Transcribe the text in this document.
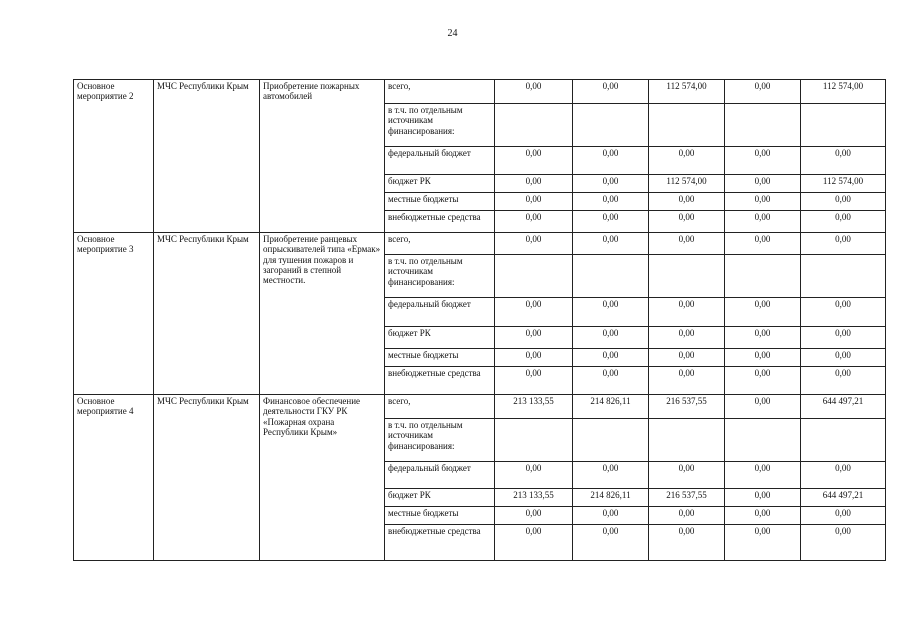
24
Основное мероприятие 2	МЧС Республики Крым	Приобретение пожарных автомобилей	всего,	0,00	0,00	112 574,00	0,00	112 574,00
			в т.ч. по отдельным источникам финансирования:					
			федеральный бюджет	0,00	0,00	0,00	0,00	0,00
			бюджет РК	0,00	0,00	112 574,00	0,00	112 574,00
			местные бюджеты	0,00	0,00	0,00	0,00	0,00
			внебюджетные средства	0,00	0,00	0,00	0,00	0,00
Основное мероприятие 3	МЧС Республики Крым	Приобретение ранцевых опрыскивателей типа «Ермак» для тушения пожаров и загораний в степной местности.	всего,	0,00	0,00	0,00	0,00	0,00
			в т.ч. по отдельным источникам финансирования:					
			федеральный бюджет	0,00	0,00	0,00	0,00	0,00
			бюджет РК	0,00	0,00	0,00	0,00	0,00
			местные бюджеты	0,00	0,00	0,00	0,00	0,00
			внебюджетные средства	0,00	0,00	0,00	0,00	0,00
Основное мероприятие 4	МЧС Республики Крым	Финансовое обеспечение деятельности ГКУ РК «Пожарная охрана Республики Крым»	всего,	213 133,55	214 826,11	216 537,55	0,00	644 497,21
			в т.ч. по отдельным источникам финансирования:					
			федеральный бюджет	0,00	0,00	0,00	0,00	0,00
			бюджет РК	213 133,55	214 826,11	216 537,55	0,00	644 497,21
			местные бюджеты	0,00	0,00	0,00	0,00	0,00
			внебюджетные средства	0,00	0,00	0,00	0,00	0,00
